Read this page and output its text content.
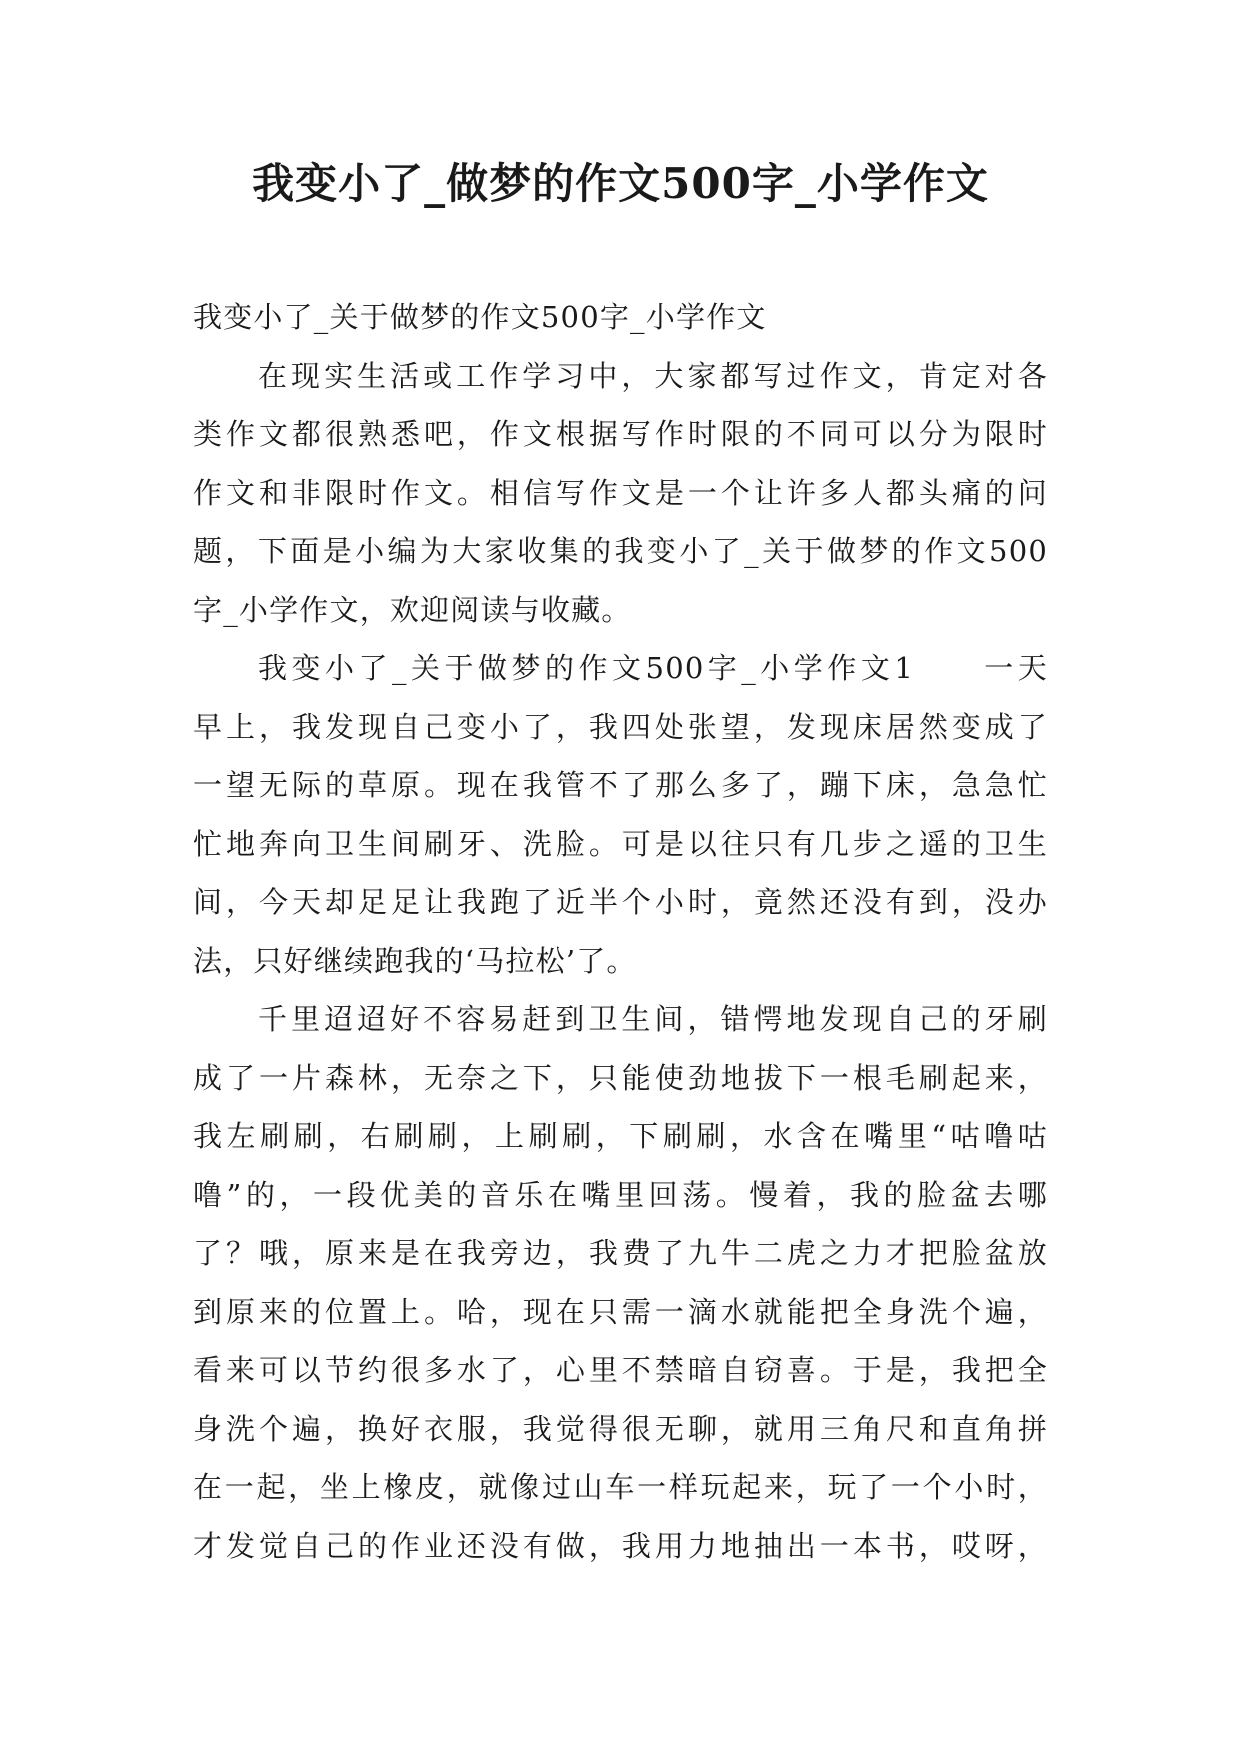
我变小了_做梦的作文500字_小学作文
我变小了_关于做梦的作文500字_小学作文
在现实生活或工作学习中，大家都写过作文，肯定对各
类作文都很熟悉吧，作文根据写作时限的不同可以分为限时
作文和非限时作文。相信写作文是一个让许多人都头痛的问
题，下面是小编为大家收集的我变小了_关于做梦的作文500
字_小学作文，欢迎阅读与收藏。
我变小了_关于做梦的作文500字_小学作文1　　一天
早上，我发现自己变小了，我四处张望，发现床居然变成了
一望无际的草原。现在我管不了那么多了，蹦下床，急急忙
忙地奔向卫生间刷牙、洗脸。可是以往只有几步之遥的卫生
间，今天却足足让我跑了近半个小时，竟然还没有到，没办
法，只好继续跑我的‘马拉松’了。
千里迢迢好不容易赶到卫生间，错愕地发现自己的牙刷
成了一片森林，无奈之下，只能使劲地拔下一根毛刷起来，
我左刷刷，右刷刷，上刷刷，下刷刷，水含在嘴里“咕噜咕
噜”的，一段优美的音乐在嘴里回荡。慢着，我的脸盆去哪
了？哦，原来是在我旁边，我费了九牛二虎之力才把脸盆放
到原来的位置上。哈，现在只需一滴水就能把全身洗个遍，
看来可以节约很多水了，心里不禁暗自窃喜。于是，我把全
身洗个遍，换好衣服，我觉得很无聊，就用三角尺和直角拼
在一起，坐上橡皮，就像过山车一样玩起来，玩了一个小时，
才发觉自己的作业还没有做，我用力地抽出一本书，哎呀，
